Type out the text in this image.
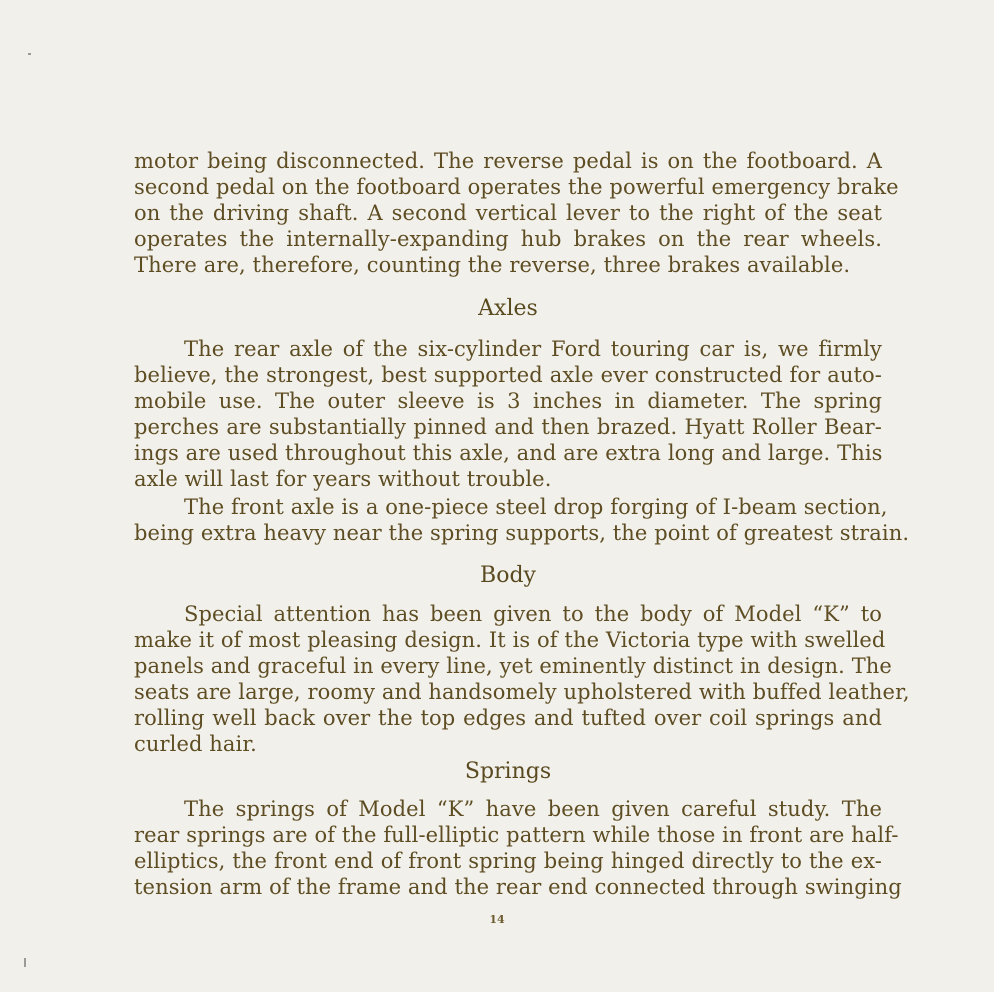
motor being disconnected. The reverse pedal is on the footboard. A
second pedal on the footboard operates the powerful emergency brake
on the driving shaft. A second vertical lever to the right of the seat
operates the internally-expanding hub brakes on the rear wheels.
There are, therefore, counting the reverse, three brakes available.
Axles
The rear axle of the six-cylinder Ford touring car is, we firmly
believe, the strongest, best supported axle ever constructed for auto-
mobile use. The outer sleeve is 3 inches in diameter. The spring
perches are substantially pinned and then brazed. Hyatt Roller Bear-
ings are used throughout this axle, and are extra long and large. This
axle will last for years without trouble.
The front axle is a one-piece steel drop forging of I-beam section,
being extra heavy near the spring supports, the point of greatest strain.
Body
Special attention has been given to the body of Model “K” to
make it of most pleasing design. It is of the Victoria type with swelled
panels and graceful in every line, yet eminently distinct in design. The
seats are large, roomy and handsomely upholstered with buffed leather,
rolling well back over the top edges and tufted over coil springs and
curled hair.
Springs
The springs of Model “K” have been given careful study. The
rear springs are of the full-elliptic pattern while those in front are half-
elliptics, the front end of front spring being hinged directly to the ex-
tension arm of the frame and the rear end connected through swinging
14
